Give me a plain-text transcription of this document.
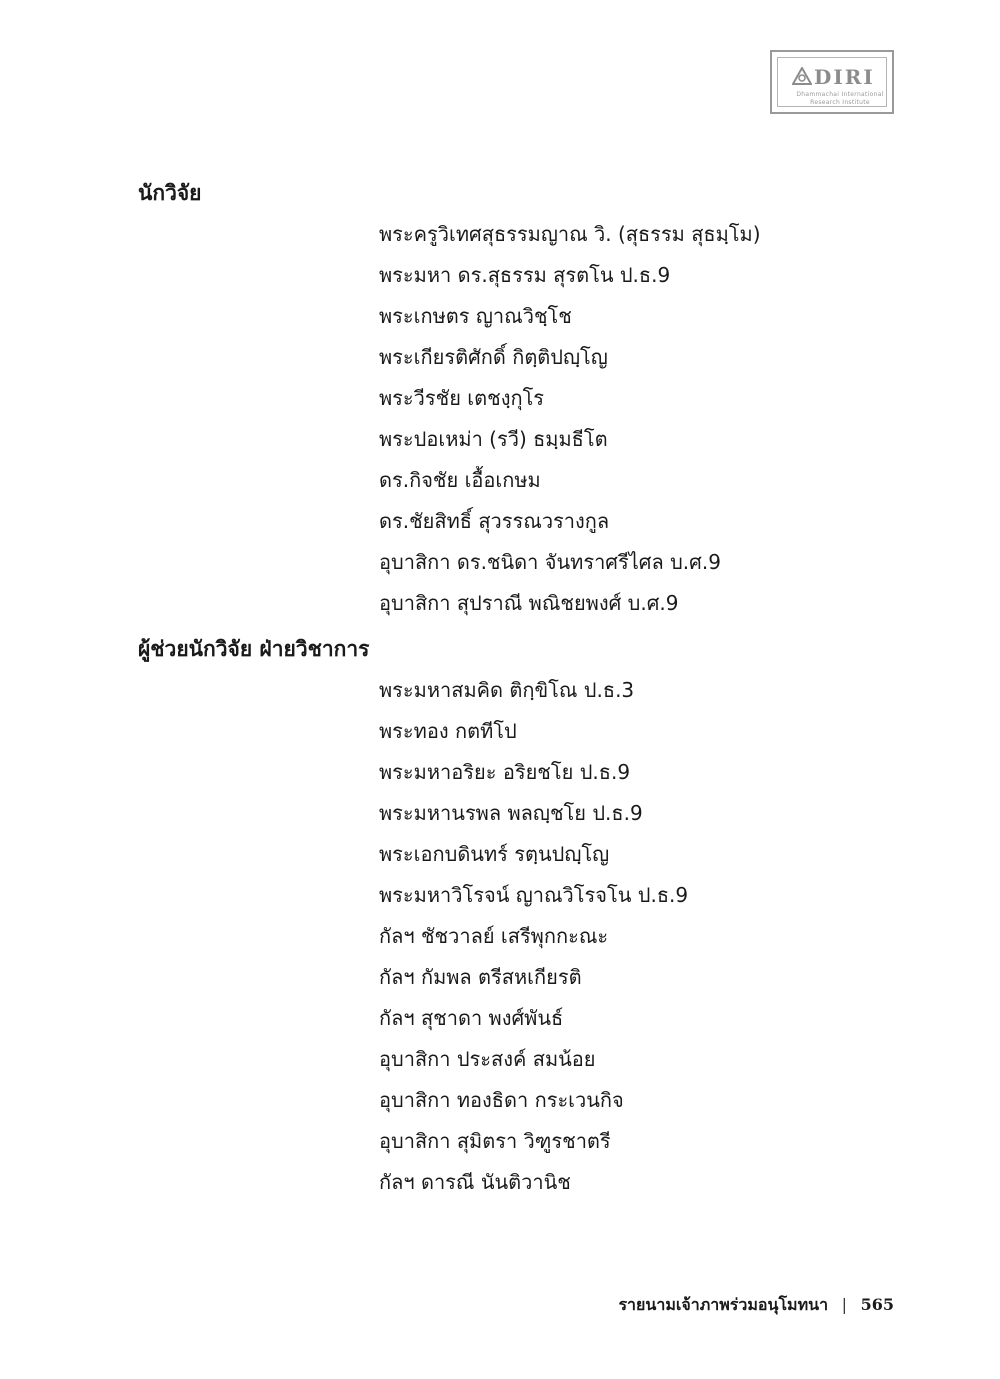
DIRI
Dhammachai International
Research Institute
นักวิจัย
พระครูวิเทศสุธรรมญาณ วิ. (สุธรรม สุธมฺโม)
พระมหา ดร.สุธรรม สุรตโน ป.ธ.9
พระเกษตร ญาณวิชฺโช
พระเกียรติศักดิ์ กิตฺติปญฺโญ
พระวีรชัย เตชงฺกุโร
พระปอเหม่า (รวี) ธมฺมธีโต
ดร.กิจชัย เอื้อเกษม
ดร.ชัยสิทธิ์ สุวรรณวรางกูล
อุบาสิกา ดร.ชนิดา จันทราศรีไศล บ.ศ.9
อุบาสิกา สุปราณี พณิชยพงศ์ บ.ศ.9
ผู้ช่วยนักวิจัย ฝ่ายวิชาการ
พระมหาสมคิด ติกฺขิโณ ป.ธ.3
พระทอง กตทีโป
พระมหาอริยะ อริยชโย ป.ธ.9
พระมหานรพล พลญฺชโย ป.ธ.9
พระเอกบดินทร์ รตฺนปญฺโญ
พระมหาวิโรจน์ ญาณวิโรจโน ป.ธ.9
กัลฯ ชัชวาลย์ เสรีพุกกะณะ
กัลฯ กัมพล ตรีสหเกียรติ
กัลฯ สุชาดา พงศ์พันธ์
อุบาสิกา ประสงค์ สมน้อย
อุบาสิกา ทองธิดา กระเวนกิจ
อุบาสิกา สุมิตรา วิฑูรชาตรี
กัลฯ ดารณี นันติวานิช
รายนามเจ้าภาพร่วมอนุโมทนา | 565
